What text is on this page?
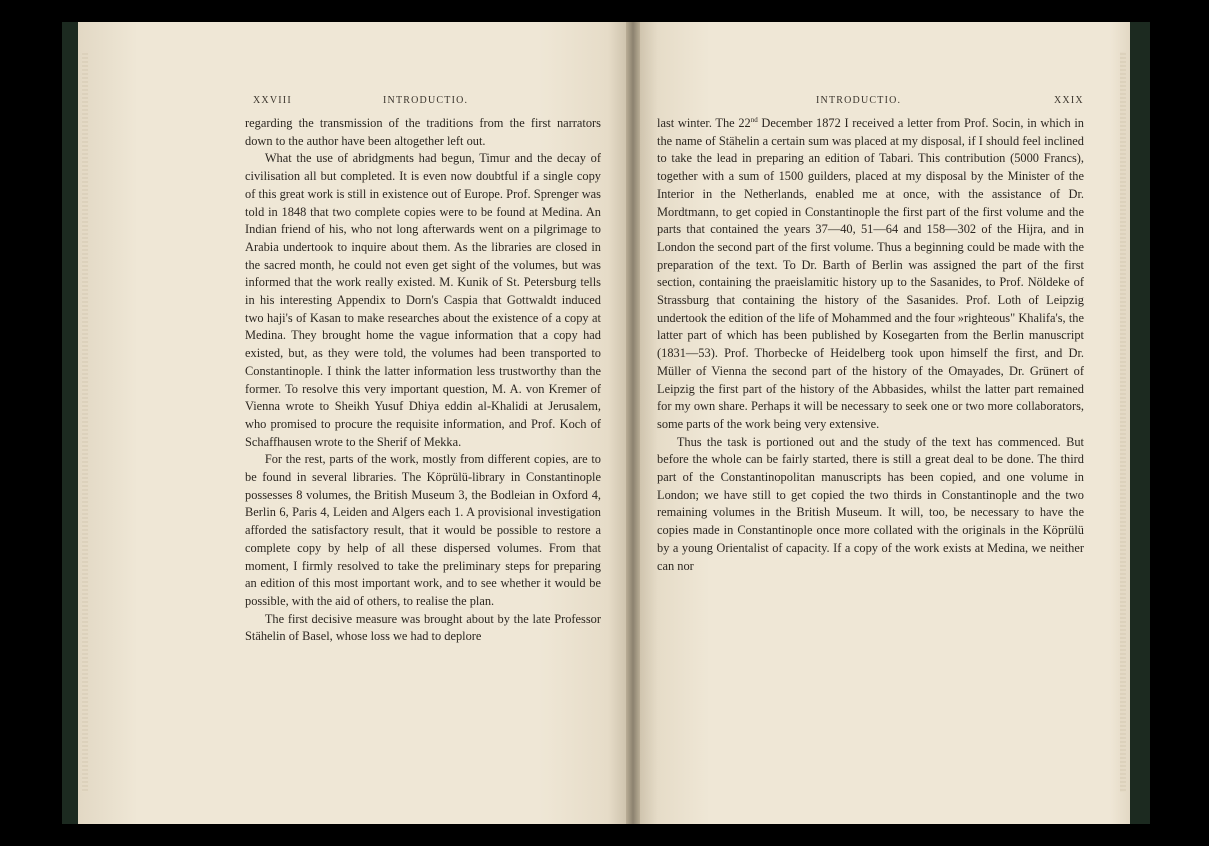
XXVIII	INTRODUCTIO.

regarding the transmission of the traditions from the first narrators down to the author have been altogether left out.

What the use of abridgments had begun, Timur and the decay of civilisation all but completed. It is even now doubtful if a single copy of this great work is still in existence out of Europe. Prof. Sprenger was told in 1848 that two complete copies were to be found at Medina. An Indian friend of his, who not long afterwards went on a pilgrimage to Arabia undertook to inquire about them. As the libraries are closed in the sacred month, he could not even get sight of the volumes, but was informed that the work really existed. M. Kunik of St. Petersburg tells in his interesting Appendix to Dorn's Caspia that Gottwaldt induced two haji's of Kasan to make researches about the existence of a copy at Medina. They brought home the vague information that a copy had existed, but, as they were told, the volumes had been transported to Constantinople. I think the latter information less trustworthy than the former. To resolve this very important question, M. A. von Kremer of Vienna wrote to Sheikh Yusuf Dhiya eddin al-Khalidi at Jerusalem, who promised to procure the requisite information, and Prof. Koch of Schaffhausen wrote to the Sherif of Mekka.

For the rest, parts of the work, mostly from different copies, are to be found in several libraries. The Köprülü-library in Constantinople possesses 8 volumes, the British Museum 3, the Bodleian in Oxford 4, Berlin 6, Paris 4, Leiden and Algers each 1. A provisional investigation afforded the satisfactory result, that it would be possible to restore a complete copy by help of all these dispersed volumes. From that moment, I firmly resolved to take the preliminary steps for preparing an edition of this most important work, and to see whether it would be possible, with the aid of others, to realise the plan.

The first decisive measure was brought about by the late Professor Stähelin of Basel, whose loss we had to deplore

INTRODUCTIO.	XXIX

last winter. The 22nd December 1872 I received a letter from Prof. Socin, in which in the name of Stähelin a certain sum was placed at my disposal, if I should feel inclined to take the lead in preparing an edition of Tabari. This contribution (5000 Francs), together with a sum of 1500 guilders, placed at my disposal by the Minister of the Interior in the Netherlands, enabled me at once, with the assistance of Dr. Mordtmann, to get copied in Constantinople the first part of the first volume and the parts that contained the years 37—40, 51—64 and 158—302 of the Hijra, and in London the second part of the first volume. Thus a beginning could be made with the preparation of the text. To Dr. Barth of Berlin was assigned the part of the first section, containing the praeislamitic history up to the Sasanides, to Prof. Nöldeke of Strassburg that containing the history of the Sasanides. Prof. Loth of Leipzig undertook the edition of the life of Mohammed and the four »righteous" Khalifa's, the latter part of which has been published by Kosegarten from the Berlin manuscript (1831—53). Prof. Thorbecke of Heidelberg took upon himself the first, and Dr. Müller of Vienna the second part of the history of the Omayades, Dr. Grünert of Leipzig the first part of the history of the Abbasides, whilst the latter part remained for my own share. Perhaps it will be necessary to seek one or two more collaborators, some parts of the work being very extensive.

Thus the task is portioned out and the study of the text has commenced. But before the whole can be fairly started, there is still a great deal to be done. The third part of the Constantinopolitan manuscripts has been copied, and one volume in London; we have still to get copied the two thirds in Constantinople and the two remaining volumes in the British Museum. It will, too, be necessary to have the copies made in Constantinople once more collated with the originals in the Köprülü by a young Orientalist of capacity. If a copy of the work exists at Medina, we neither can nor
